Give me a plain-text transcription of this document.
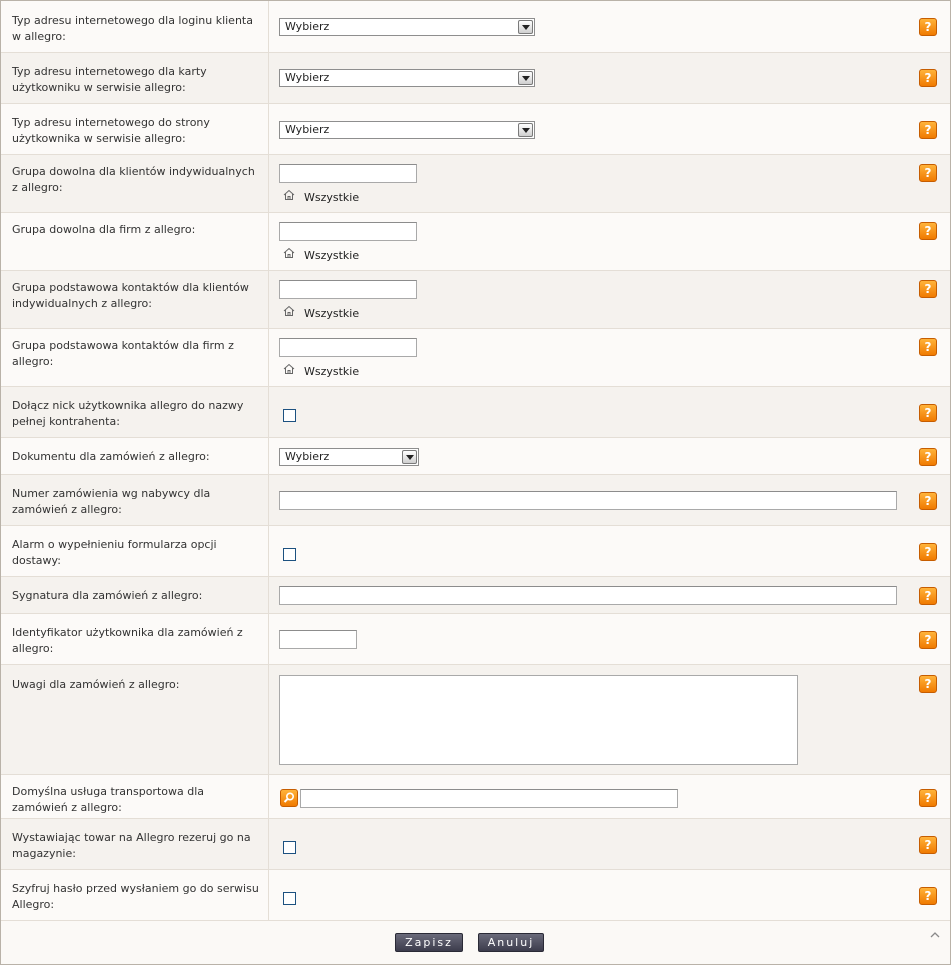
Typ adresu internetowego dla loginu klienta w allegro:
Wybierz	?
Typ adresu internetowego dla karty użytkowniku w serwisie allegro:
Wybierz	?
Typ adresu internetowego do strony użytkownika w serwisie allegro:
Wybierz	?
Grupa dowolna dla klientów indywidualnych z allegro:
Wszystkie
?
Grupa dowolna dla firm z allegro:
Wszystkie
?
Grupa podstawowa kontaktów dla klientów indywidualnych z allegro:
Wszystkie
?
Grupa podstawowa kontaktów dla firm z allegro:
Wszystkie
?
Dołącz nick użytkownika allegro do nazwy pełnej kontrahenta:
?
Dokumentu dla zamówień z allegro:	Wybierz	?
Numer zamówienia wg nabywcy dla zamówień z allegro:
?
Alarm o wypełnieniu formularza opcji dostawy:
?
Sygnatura dla zamówień z allegro:	?
Identyfikator użytkownika dla zamówień z allegro:
?
Uwagi dla zamówień z allegro:	?
Domyślna usługa transportowa dla zamówień z allegro:
?
Wystawiając towar na Allegro rezeruj go na magazynie:
?
Szyfruj hasło przed wysłaniem go do serwisu Allegro:
?
Zapisz	Anuluj
